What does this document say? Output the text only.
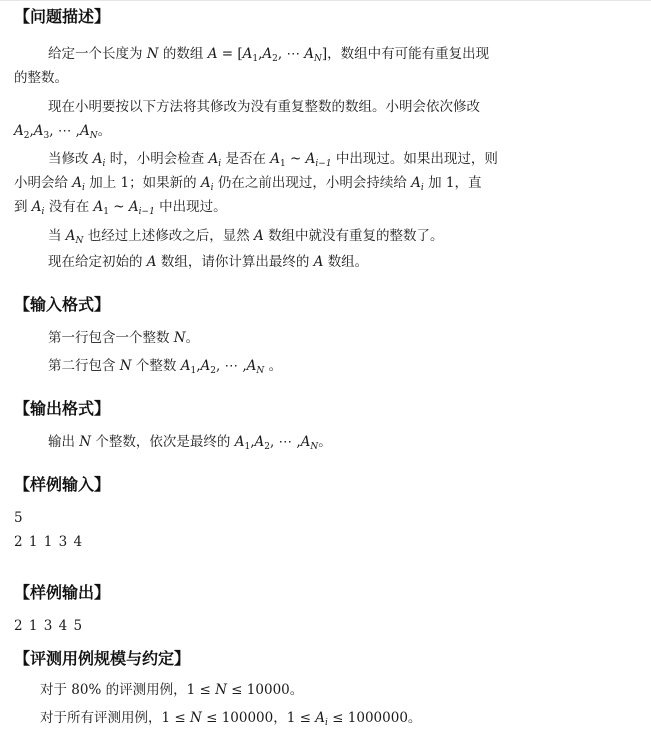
【问题描述】

给定一个长度为 N 的数组 $A = [A_1,A_2$, ⋯ $A_N$]，数组中有可能有重复出现

的整数。

现在小明要按以下方法将其修改为没有重复整数的数组。小明会依次修改

$A_2,A_3$, ⋯ $,A_N$。

当修改 $A_i$ 时，小明会检查 $A_i$ 是否在 $A_1$ ~ $A_{i-1}$ 中出现过。如果出现过，则

小明会给 $A_i$ 加上 1；如果新的 $A_i$ 仍在之前出现过，小明会持续给 $A_i$ 加 1，直

到 $A_i$ 没有在 $A_1$ ~ $A_{i-1}$ 中出现过。

当 $A_N$ 也经过上述修改之后，显然 A 数组中就没有重复的整数了。

现在给定初始的 A 数组，请你计算出最终的 A 数组。

【输入格式】

第一行包含一个整数 N。

第二行包含 N 个整数 $A_1,A_2$, ⋯ $,A_N$ 。

【输出格式】

输出 N 个整数，依次是最终的 $A_1,A_2$, ⋯ $,A_N$。

【样例输入】

5

2 1 1 3 4

【样例输出】

2 1 3 4 5

【评测用例规模与约定】

对于 80% 的评测用例，1 ≤ N ≤ 10000。

对于所有评测用例，1 ≤ N ≤ 100000，$1 \le A_i \le 1000000$。
